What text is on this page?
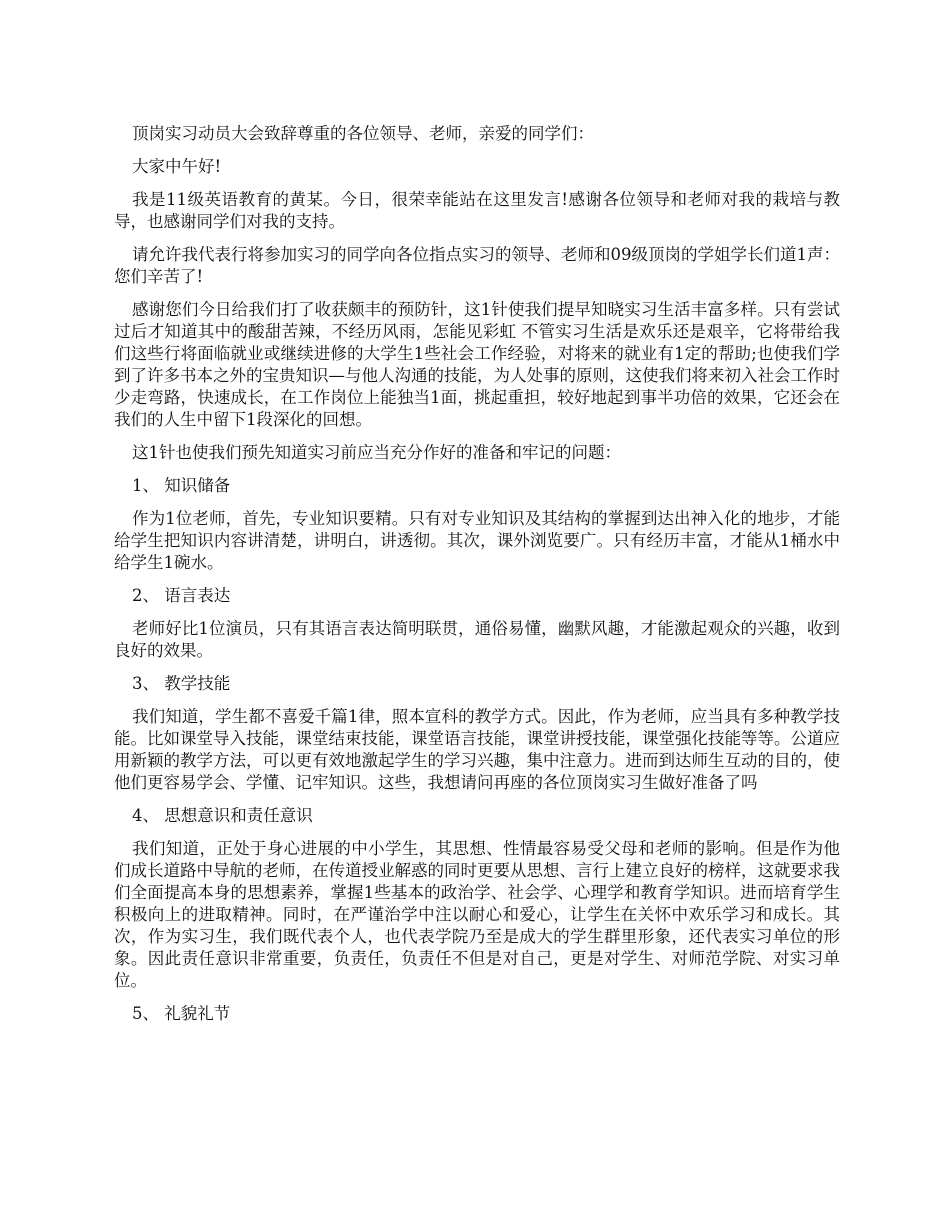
顶岗实习动员大会致辞尊重的各位领导、老师，亲爱的同学们：

大家中午好!

我是11级英语教育的黄某。今日，很荣幸能站在这里发言!感谢各位领导和老师对我的栽培与教导，也感谢同学们对我的支持。

请允许我代表行将参加实习的同学向各位指点实习的领导、老师和09级顶岗的学姐学长们道1声：您们辛苦了!

感谢您们今日给我们打了收获颇丰的预防针，这1针使我们提早知晓实习生活丰富多样。只有尝试过后才知道其中的酸甜苦辣，不经历风雨，怎能见彩虹 不管实习生活是欢乐还是艰辛，它将带给我们这些行将面临就业或继续进修的大学生1些社会工作经验，对将来的就业有1定的帮助;也使我们学到了许多书本之外的宝贵知识—与他人沟通的技能，为人处事的原则，这使我们将来初入社会工作时少走弯路，快速成长，在工作岗位上能独当1面，挑起重担，较好地起到事半功倍的效果，它还会在我们的人生中留下1段深化的回想。

这1针也使我们预先知道实习前应当充分作好的准备和牢记的问题：

1、 知识储备

作为1位老师，首先，专业知识要精。只有对专业知识及其结构的掌握到达出神入化的地步，才能给学生把知识内容讲清楚，讲明白，讲透彻。其次，课外浏览要广。只有经历丰富，才能从1桶水中给学生1碗水。

2、 语言表达

老师好比1位演员，只有其语言表达简明联贯，通俗易懂，幽默风趣，才能激起观众的兴趣，收到良好的效果。

3、 教学技能

我们知道，学生都不喜爱千篇1律，照本宣科的教学方式。因此，作为老师，应当具有多种教学技能。比如课堂导入技能，课堂结束技能，课堂语言技能，课堂讲授技能，课堂强化技能等等。公道应用新颖的教学方法，可以更有效地激起学生的学习兴趣，集中注意力。进而到达师生互动的目的，使他们更容易学会、学懂、记牢知识。这些，我想请问再座的各位顶岗实习生做好准备了吗

4、 思想意识和责任意识

我们知道，正处于身心进展的中小学生，其思想、性情最容易受父母和老师的影响。但是作为他们成长道路中导航的老师，在传道授业解惑的同时更要从思想、言行上建立良好的榜样，这就要求我们全面提高本身的思想素养，掌握1些基本的政治学、社会学、心理学和教育学知识。进而培育学生积极向上的进取精神。同时，在严谨治学中注以耐心和爱心，让学生在关怀中欢乐学习和成长。其次，作为实习生，我们既代表个人，也代表学院乃至是成大的学生群里形象，还代表实习单位的形象。因此责任意识非常重要，负责任，负责任不但是对自己，更是对学生、对师范学院、对实习单位。

5、 礼貌礼节
